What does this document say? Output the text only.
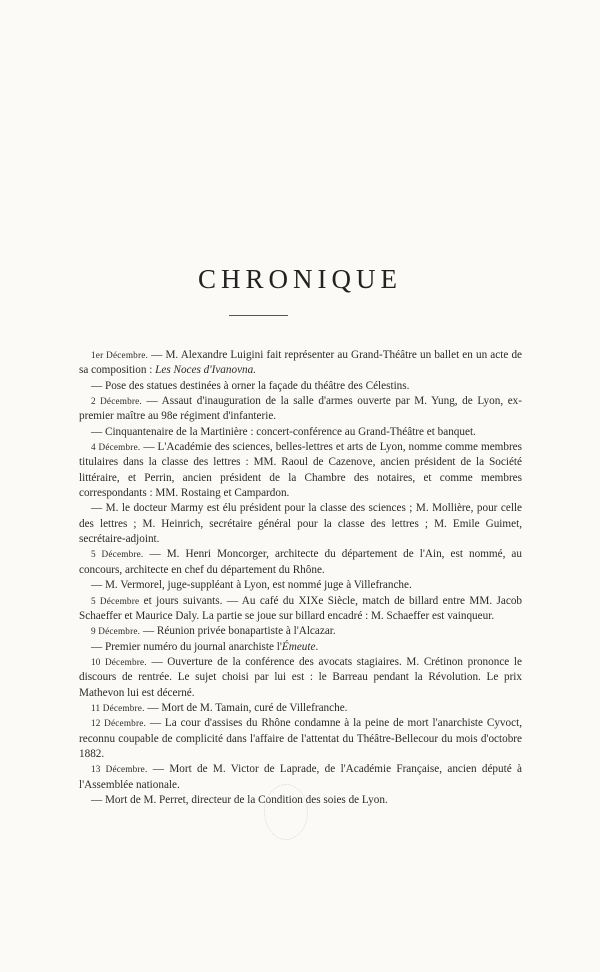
CHRONIQUE

1er Décembre. — M. Alexandre Luigini fait représenter au Grand-Théâtre un ballet en un acte de sa composition : Les Noces d'Ivanovna.

— Pose des statues destinées à orner la façade du théâtre des Célestins.

2 Décembre. — Assaut d'inauguration de la salle d'armes ouverte par M. Yung, de Lyon, ex-premier maître au 98e régiment d'infanterie.

— Cinquantenaire de la Martinière : concert-conférence au Grand-Théâtre et banquet.

4 Décembre. — L'Académie des sciences, belles-lettres et arts de Lyon, nomme comme membres titulaires dans la classe des lettres : MM. Raoul de Cazenove, ancien président de la Société littéraire, et Perrin, ancien président de la Chambre des notaires, et comme membres correspondants : MM. Rostaing et Campardon.

— M. le docteur Marmy est élu président pour la classe des sciences ; M. Mollière, pour celle des lettres ; M. Heinrich, secrétaire général pour la classe des lettres ; M. Emile Guimet, secrétaire-adjoint.

5 Décembre. — M. Henri Moncorger, architecte du département de l'Ain, est nommé, au concours, architecte en chef du département du Rhône.

— M. Vermorel, juge-suppléant à Lyon, est nommé juge à Villefranche.

5 Décembre et jours suivants. — Au café du XIXe Siècle, match de billard entre MM. Jacob Schaeffer et Maurice Daly. La partie se joue sur billard encadré : M. Schaeffer est vainqueur.

9 Décembre. — Réunion privée bonapartiste à l'Alcazar.

— Premier numéro du journal anarchiste l'Émeute.

10 Décembre. — Ouverture de la conférence des avocats stagiaires. M. Crétinon prononce le discours de rentrée. Le sujet choisi par lui est : le Barreau pendant la Révolution. Le prix Mathevon lui est décerné.

11 Décembre. — Mort de M. Tamain, curé de Villefranche.

12 Décembre. — La cour d'assises du Rhône condamne à la peine de mort l'anarchiste Cyvoct, reconnu coupable de complicité dans l'affaire de l'attentat du Théâtre-Bellecour du mois d'octobre 1882.

13 Décembre. — Mort de M. Victor de Laprade, de l'Académie Française, ancien député à l'Assemblée nationale.

— Mort de M. Perret, directeur de la Condition des soies de Lyon.
